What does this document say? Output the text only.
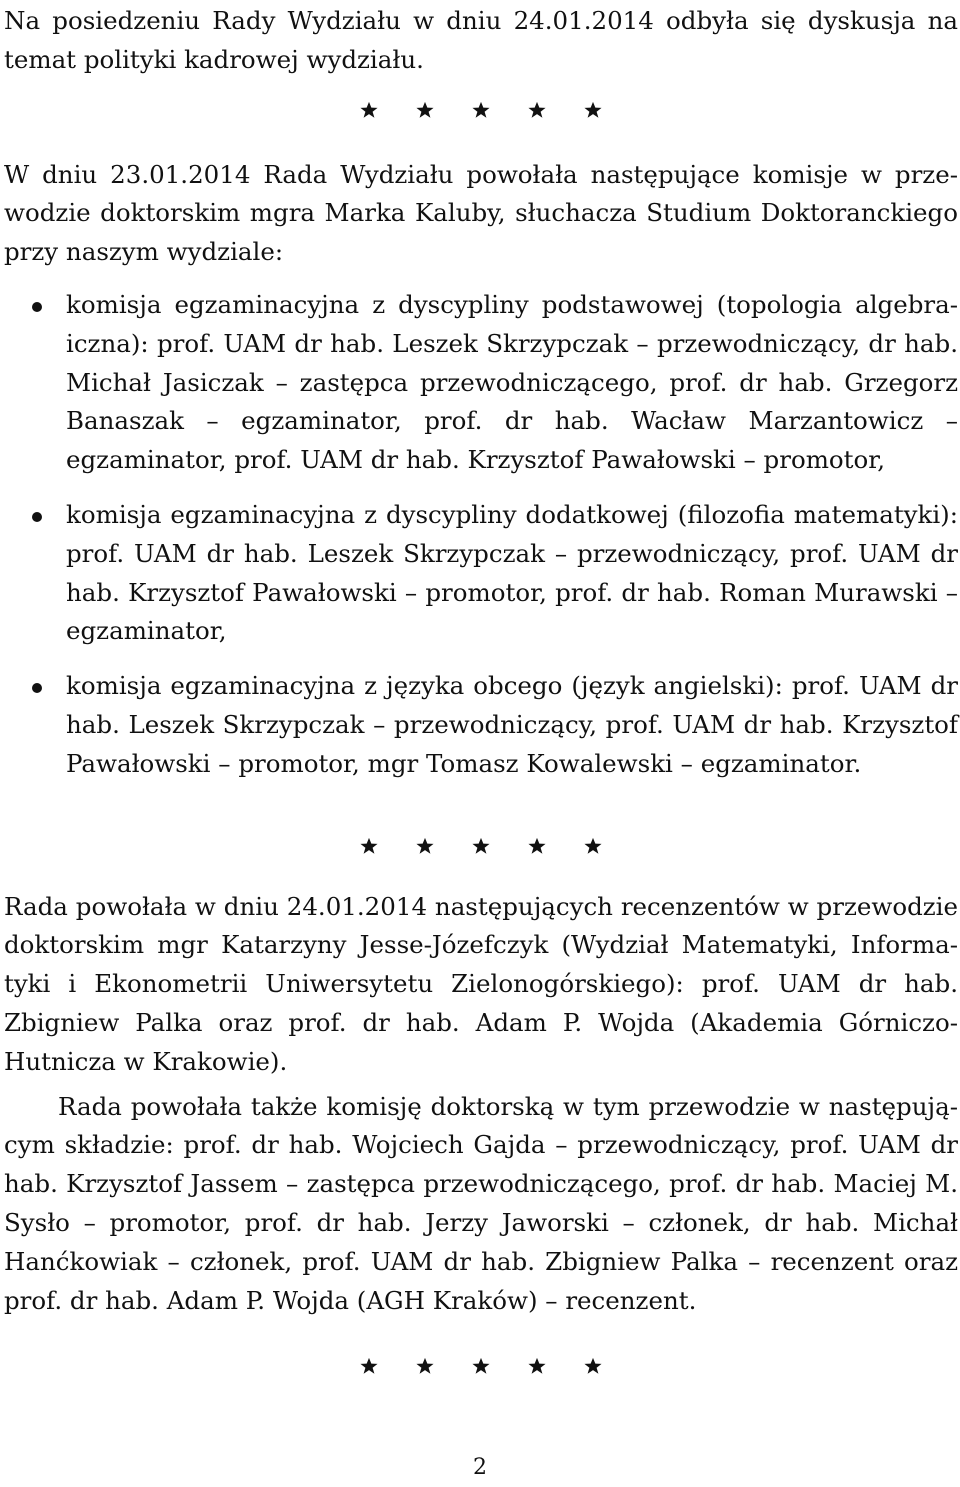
Na posiedzeniu Rady Wydziału w dniu 24.01.2014 odbyła się dyskusja na temat polityki kadrowej wydziału.

W dniu 23.01.2014 Rada Wydziału powołała następujące komisje w przewodzie doktorskim mgra Marka Kaluby, słuchacza Studium Doktoranckiego przy naszym wydziale:

komisja egzaminacyjna z dyscypliny podstawowej (topologia algebraiczna): prof. UAM dr hab. Leszek Skrzypczak – przewodniczący, dr hab. Michał Jasiczak – zastępca przewodniczącego, prof. dr hab. Grzegorz Banaszak – egzaminator, prof. dr hab. Wacław Marzantowicz – egzaminator, prof. UAM dr hab. Krzysztof Pawałowski – promotor,
komisja egzaminacyjna z dyscypliny dodatkowej (filozofia matematyki): prof. UAM dr hab. Leszek Skrzypczak – przewodniczący, prof. UAM dr hab. Krzysztof Pawałowski – promotor, prof. dr hab. Roman Murawski – egzaminator,
komisja egzaminacyjna z języka obcego (język angielski): prof. UAM dr hab. Leszek Skrzypczak – przewodniczący, prof. UAM dr hab. Krzysztof Pawałowski – promotor, mgr Tomasz Kowalewski – egzaminator.

Rada powołała w dniu 24.01.2014 następujących recenzentów w przewodzie doktorskim mgr Katarzyny Jesse-Józefczyk (Wydział Matematyki, Informatyki i Ekonometrii Uniwersytetu Zielonogórskiego): prof. UAM dr hab. Zbigniew Palka oraz prof. dr hab. Adam P. Wojda (Akademia Górniczo-Hutnicza w Krakowie).

Rada powołała także komisję doktorską w tym przewodzie w następującym składzie: prof. dr hab. Wojciech Gajda – przewodniczący, prof. UAM dr hab. Krzysztof Jassem – zastępca przewodniczącego, prof. dr hab. Maciej M. Sysło – promotor, prof. dr hab. Jerzy Jaworski – członek, dr hab. Michał Hanćkowiak – członek, prof. UAM dr hab. Zbigniew Palka – recenzent oraz prof. dr hab. Adam P. Wojda (AGH Kraków) – recenzent.

2
